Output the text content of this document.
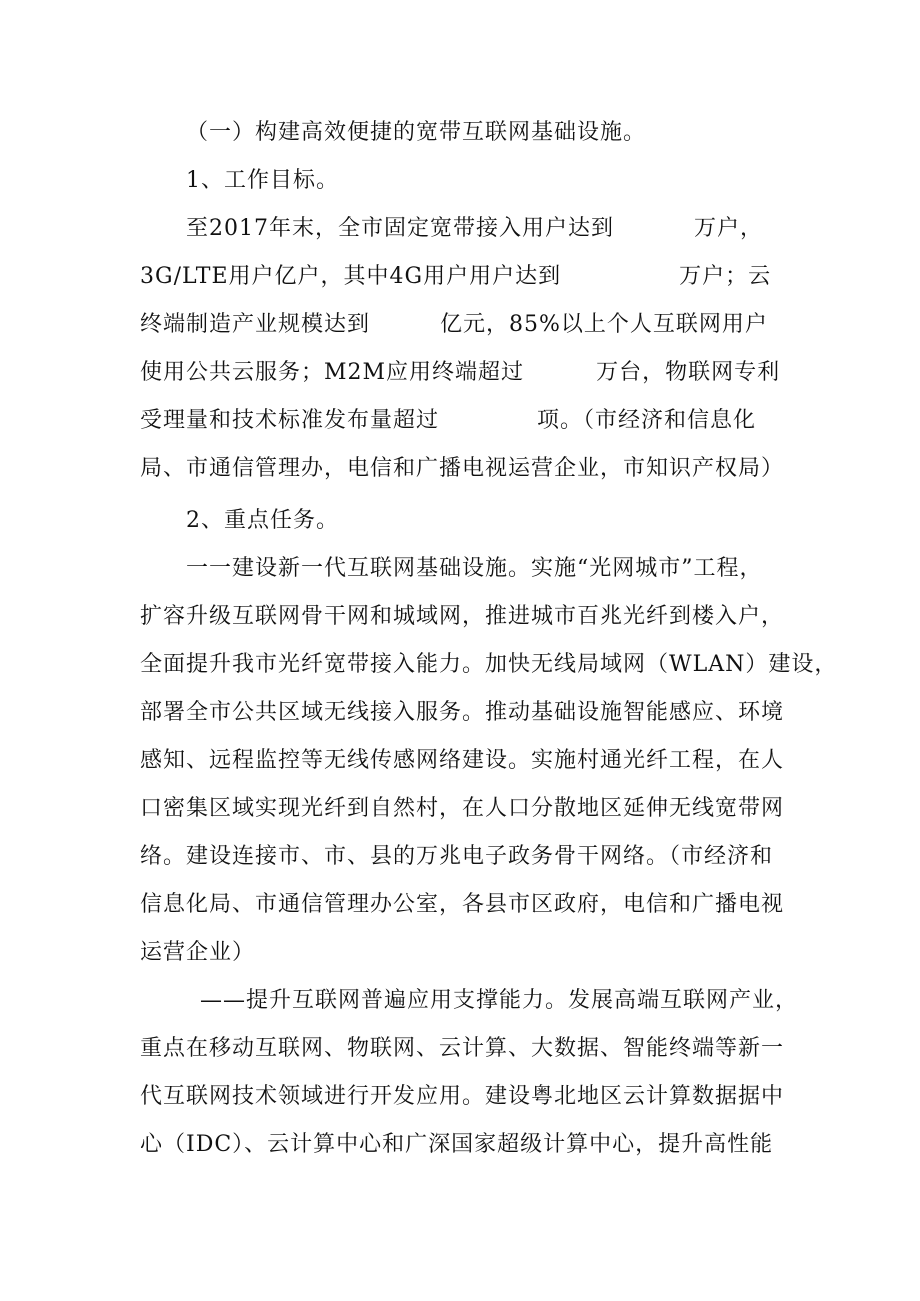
（一）构建高效便捷的宽带互联网基础设施。
1、工作目标。
至2017年末，全市固定宽带接入用户达到	万户，
3G/LTE用户亿户，其中4G用户用户达到	万户；云
终端制造产业规模达到	亿元，85%以上个人互联网用户
使用公共云服务；M2M应用终端超过	万台，物联网专利
受理量和技术标准发布量超过	项。（市经济和信息化
局、市通信管理办，电信和广播电视运营企业，市知识产权局）
2、重点任务。
一一建设新一代互联网基础设施。实施“光网城市”工程，
扩容升级互联网骨干网和城域网，推进城市百兆光纤到楼入户，
全面提升我市光纤宽带接入能力。加快无线局域网（WLAN）建设，
部署全市公共区域无线接入服务。推动基础设施智能感应、环境
感知、远程监控等无线传感网络建设。实施村通光纤工程，在人
口密集区域实现光纤到自然村，在人口分散地区延伸无线宽带网
络。建设连接市、市、县的万兆电子政务骨干网络。（市经济和
信息化局、市通信管理办公室，各县市区政府，电信和广播电视
运营企业）
——提升互联网普遍应用支撑能力。发展高端互联网产业，
重点在移动互联网、物联网、云计算、大数据、智能终端等新一
代互联网技术领域进行开发应用。建设粤北地区云计算数据据中
心（IDC）、云计算中心和广深国家超级计算中心，提升高性能
